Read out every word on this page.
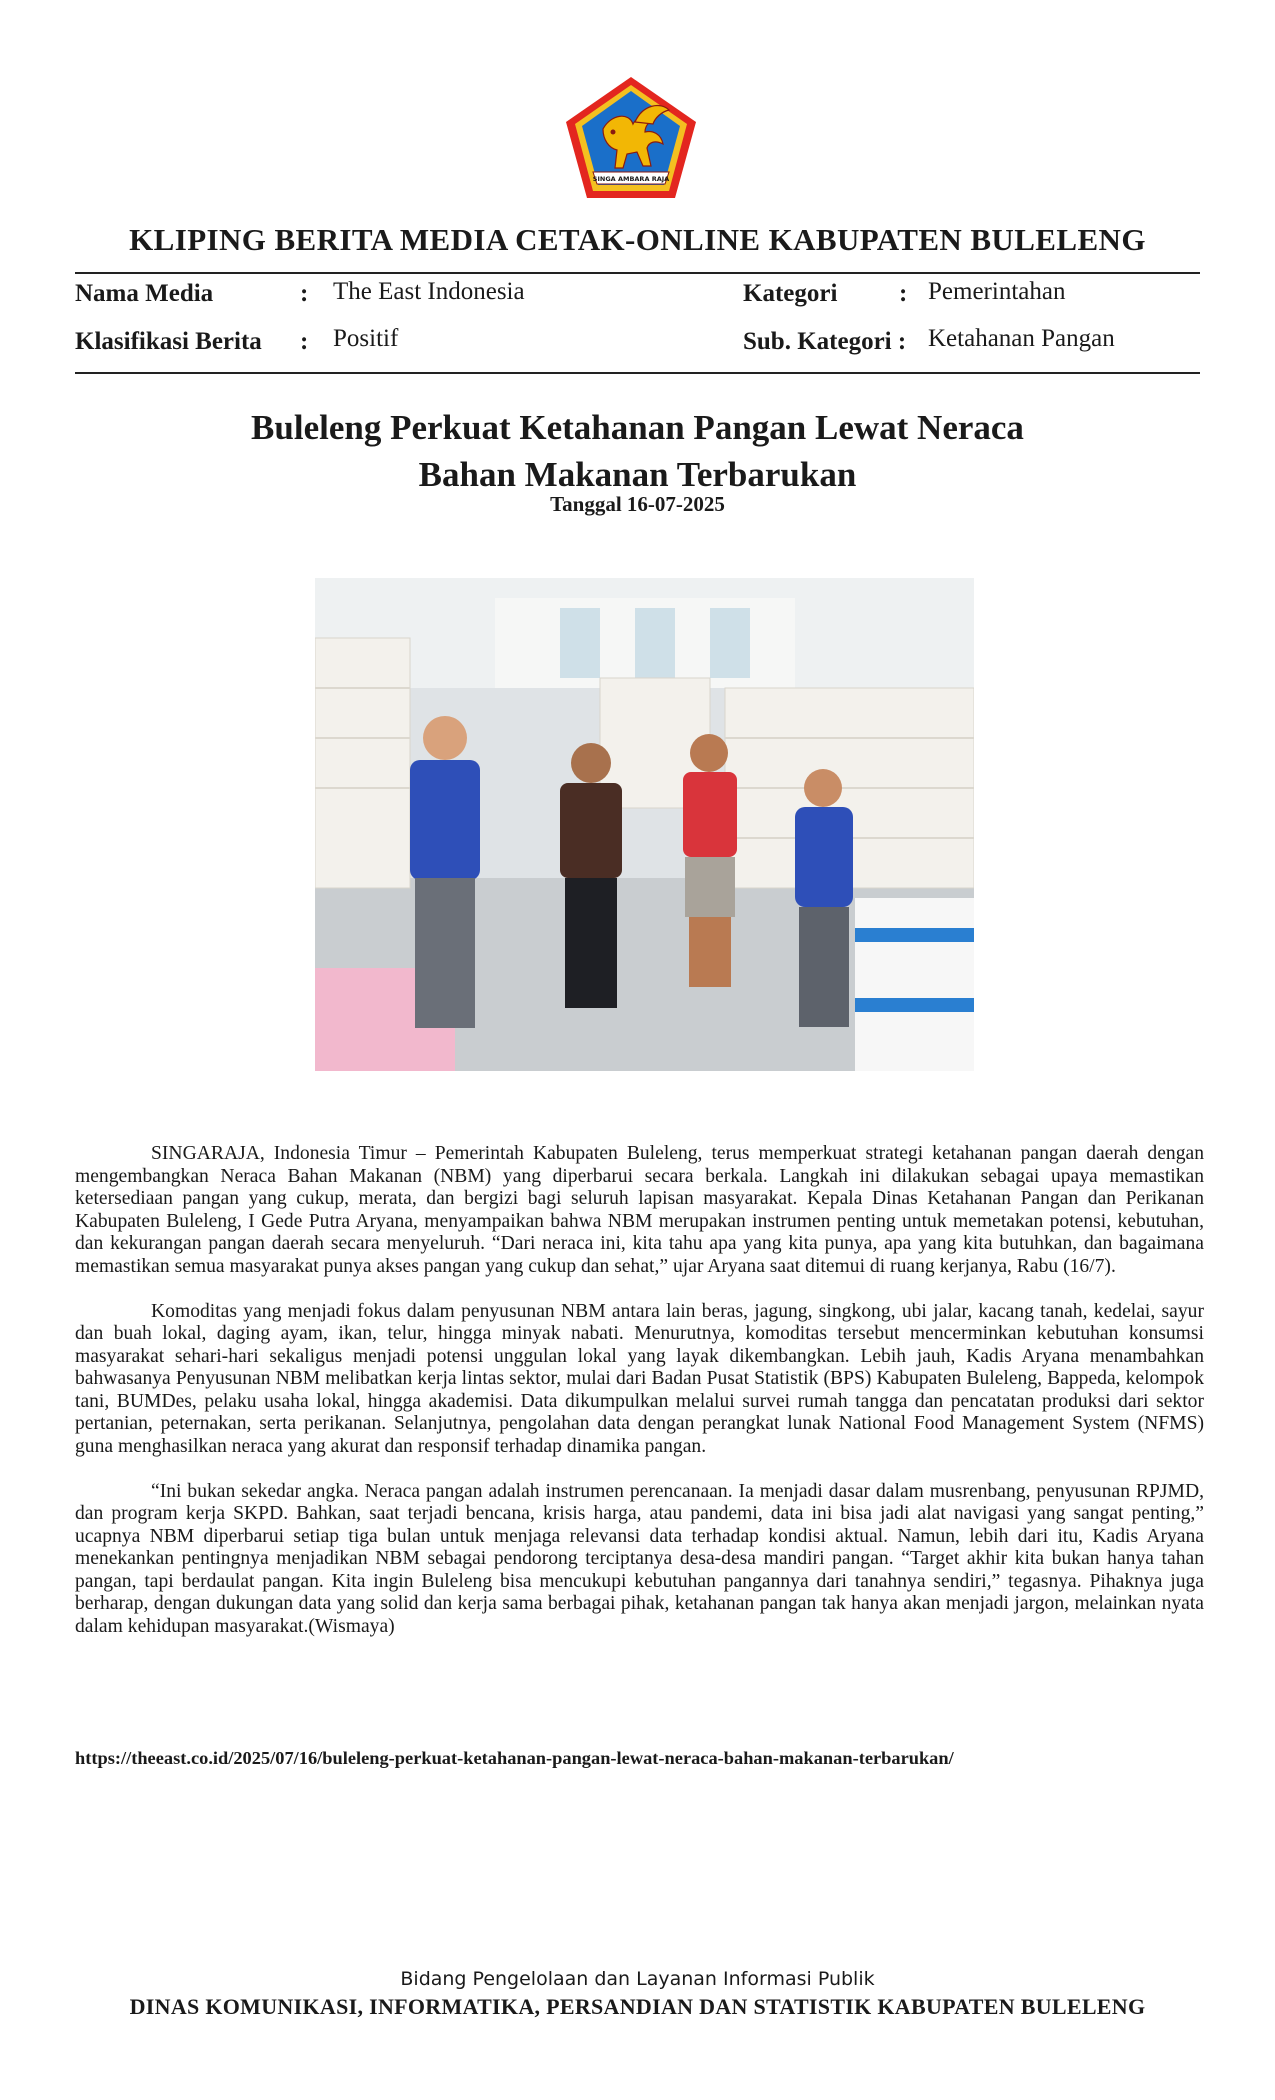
SINGA AMBARA RAJA
KLIPING BERITA MEDIA CETAK-ONLINE KABUPATEN BULELENG
Nama Media	: The East Indonesia	Kategori : Pemerintahan
Klasifikasi Berita : Positif	Sub. Kategori : Ketahanan Pangan
Buleleng Perkuat Ketahanan Pangan Lewat Neraca
Bahan Makanan Terbarukan
Tanggal 16-07-2025

SINGARAJA, Indonesia Timur – Pemerintah Kabupaten Buleleng, terus memperkuat strategi ketahanan pangan daerah dengan mengembangkan Neraca Bahan Makanan (NBM) yang diperbarui secara berkala. Langkah ini dilakukan sebagai upaya memastikan ketersediaan pangan yang cukup, merata, dan bergizi bagi seluruh lapisan masyarakat. Kepala Dinas Ketahanan Pangan dan Perikanan Kabupaten Buleleng, I Gede Putra Aryana, menyampaikan bahwa NBM merupakan instrumen penting untuk memetakan potensi, kebutuhan, dan kekurangan pangan daerah secara menyeluruh. “Dari neraca ini, kita tahu apa yang kita punya, apa yang kita butuhkan, dan bagaimana memastikan semua masyarakat punya akses pangan yang cukup dan sehat,” ujar Aryana saat ditemui di ruang kerjanya, Rabu (16/7).

Komoditas yang menjadi fokus dalam penyusunan NBM antara lain beras, jagung, singkong, ubi jalar, kacang tanah, kedelai, sayur dan buah lokal, daging ayam, ikan, telur, hingga minyak nabati. Menurutnya, komoditas tersebut mencerminkan kebutuhan konsumsi masyarakat sehari-hari sekaligus menjadi potensi unggulan lokal yang layak dikembangkan. Lebih jauh, Kadis Aryana menambahkan bahwasanya Penyusunan NBM melibatkan kerja lintas sektor, mulai dari Badan Pusat Statistik (BPS) Kabupaten Buleleng, Bappeda, kelompok tani, BUMDes, pelaku usaha lokal, hingga akademisi. Data dikumpulkan melalui survei rumah tangga dan pencatatan produksi dari sektor pertanian, peternakan, serta perikanan. Selanjutnya, pengolahan data dengan perangkat lunak National Food Management System (NFMS) guna menghasilkan neraca yang akurat dan responsif terhadap dinamika pangan.

“Ini bukan sekedar angka. Neraca pangan adalah instrumen perencanaan. Ia menjadi dasar dalam musrenbang, penyusunan RPJMD, dan program kerja SKPD. Bahkan, saat terjadi bencana, krisis harga, atau pandemi, data ini bisa jadi alat navigasi yang sangat penting,” ucapnya NBM diperbarui setiap tiga bulan untuk menjaga relevansi data terhadap kondisi aktual. Namun, lebih dari itu, Kadis Aryana menekankan pentingnya menjadikan NBM sebagai pendorong terciptanya desa-desa mandiri pangan. “Target akhir kita bukan hanya tahan pangan, tapi berdaulat pangan. Kita ingin Buleleng bisa mencukupi kebutuhan pangannya dari tanahnya sendiri,” tegasnya. Pihaknya juga berharap, dengan dukungan data yang solid dan kerja sama berbagai pihak, ketahanan pangan tak hanya akan menjadi jargon, melainkan nyata dalam kehidupan masyarakat.(Wismaya)

https://theeast.co.id/2025/07/16/buleleng-perkuat-ketahanan-pangan-lewat-neraca-bahan-makanan-terbarukan/
Bidang Pengelolaan dan Layanan Informasi Publik
DINAS KOMUNIKASI, INFORMATIKA, PERSANDIAN DAN STATISTIK KABUPATEN BULELENG
